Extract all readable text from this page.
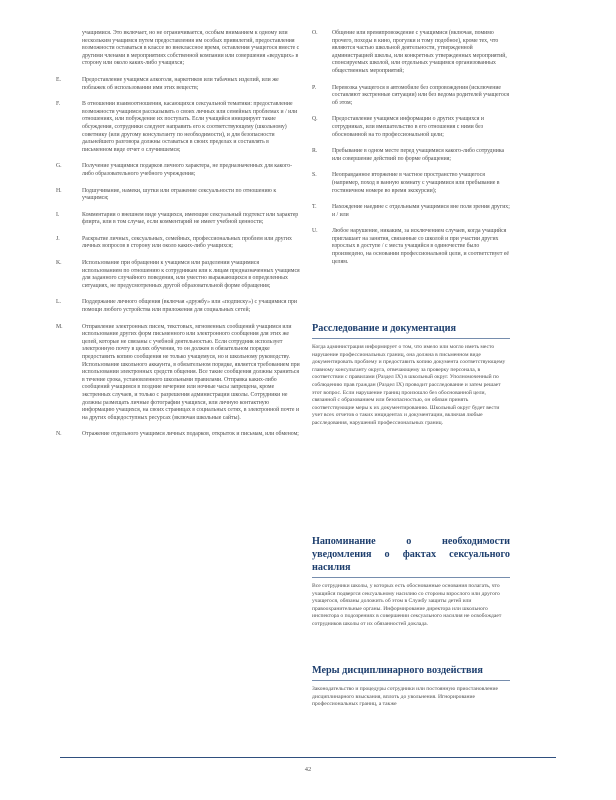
учащимися. Это включает, но не ограничивается, особым вниманием к одному или нескольким учащимся путем предоставления им особых привилегий, предоставления возможности оставаться в классе во внеклассное время, оставления учащегося вместе с другими членами в мероприятиях собственной компании или совершения «ведущих» в сторону или около каких-либо учащихся;
E.	Предоставление учащимся алкоголя, наркотиков или табачных изделий, или же поблажек об использовании ими этих веществ;
F.	В отношении взаимоотношения, касающихся сексуальной тематики: предоставление возможности учащимся рассказывать о своих личных или семейных проблемах и / или отношениях, или побуждение их поступать. Если учащийся инициирует такие обсуждения, сотрудники следуют направить его к соответствующему (школьному) советнику (или другому консультанту по необходимости), и для безопасности дальнейшего разговора должны оставаться в своих пределах и составлять в письменном виде отчет о случившемся;
G.	Получение учащимися подарков личного характера, не предназначенных для какого-либо образовательного учебного учреждения;
H.	Подшучивание, намеки, шутки или отражение сексуальности по отношению к учащимся;
I.	Комментарии о внешнем виде учащихся, имеющие сексуальный подтекст или характер флирта, или в том случае, если комментарий не имеет учебной ценности;
J.	Раскрытие личных, сексуальных, семейных, профессиональных проблем или других личных вопросов в сторону или около каких-либо учащихся;
K.	Использование при обращении к учащимся или разделении учащимися использованием по отношению к сотрудникам или к лицам предназначенных учащимся для заданного случайного поведения, или уместно выражающихся в определенных ситуациях, не предусмотренных другой образовательной форме обращения;
L.	Поддержание личного общения (включая «дружбу» или «подписку») с учащимися при помощи любого устройства или приложения для социальных сетей;
M.	Отправление электронных писем, текстовых, мгновенных сообщений учащимся или использование других форм письменного или электронного сообщения для этих же целей, которые не связаны с учебной деятельностью. Если сотрудник использует электронную почту в целях обучения, то он должен в обязательном порядке предоставить копию сообщения не только учащемуся, но и школьному руководству. Использование школьного аккаунта, в обязательном порядке, является требованием при использовании электронных средств общения. Все такие сообщения должны храниться в течение срока, установленного школьными правилами. Отправка каких-либо сообщений учащимся в поздние вечерние или ночные часы запрещена, кроме экстренных случаев, и только с разрешения администрации школы. Сотрудники не должны размещать личные фотографии учащихся, или личную контактную информацию учащихся, на своих страницах в социальных сетях, в электронной почте и на других общедоступных ресурсах (включая школьные сайты).
N.	Отражение отдельного учащимся личных подарков, открыток и письмам, или обменом;
O. Общение или времяпровождение с учащимися (включая, помимо прочего, походы в кино, прогулки и тому подобное), кроме тех, что являются частью школьной деятельности, утвержденной администрацией школы, или конкретных утвержденных мероприятий, спонсируемых школой, или отдельных учащимся организованных общественных мероприятий;
P.	Перевозка учащегося в автомобиле без сопровождения (исключение составляют экстренные ситуации) или без ведома родителей учащегося об этом;
Q. Предоставление учащимся информации о других учащихся и сотрудниках, или вмешательство в его отношения с ними без обоснованной на то профессиональной цели;
R.	Пребывание в одном месте перед учащимися какого-либо сотрудника или совершение действий по форме обращения;
S.	Неоправданное вторжение в частное пространство учащегося (например, поход в ванную комнату с учащимися или пребывание в гостиничном номере во время экскурсии);
T.	Нахождение наедине с отдельными учащимися вне поля зрения других; и / или
U. Любое нарушение, никаким, за исключением случаев, когда учащийся приглашает на занятия, связанные со школой и при участии других взрослых в доступе / с места учащийся в одиночестве было произведено, на основании профессиональной цели, и соответствует её целям.
Расследование и документация
Когда администрация информирует о том, что имело или могло иметь место нарушение профессиональных границ, она должна в письменном виде документировать проблему и предоставить копию документа соответствующему главному консультанту округа, отвечающему за проверку персонала, в соответствии с правилами (Раздел IX) в школьный округ. Уполномоченный по соблюдению прав граждан (Раздел IX) проводит расследование и затем решает этот вопрос. Если нарушение границ произошло без обоснованной цели, связанной с образованием или безопасностью, он обязан принять соответствующие меры к их документированию. Школьный округ будет вести учет всех отчетов о таких инцидентах и документации, включая любые расследования, нарушений профессиональных границ.
Напоминание о необходимости уведомления о фактах сексуального насилия
Все сотрудники школы, у которых есть обоснованные основания полагать, что учащийся подвергся сексуальному насилию со стороны взрослого или другого учащегося, обязаны доложить об этом в Службу защиты детей или правоохранительные органы. Информирование директора или школьного инспектора о подозрениях в совершении сексуального насилия не освобождает сотрудников школы от их обязанностей доклада.
Меры дисциплинарного воздействия
Законодательство и процедуры сотрудники или постоянную приостановление дисциплинарного взыскания, вплоть до увольнения. Игнорирование профессиональных границ, а также
42
